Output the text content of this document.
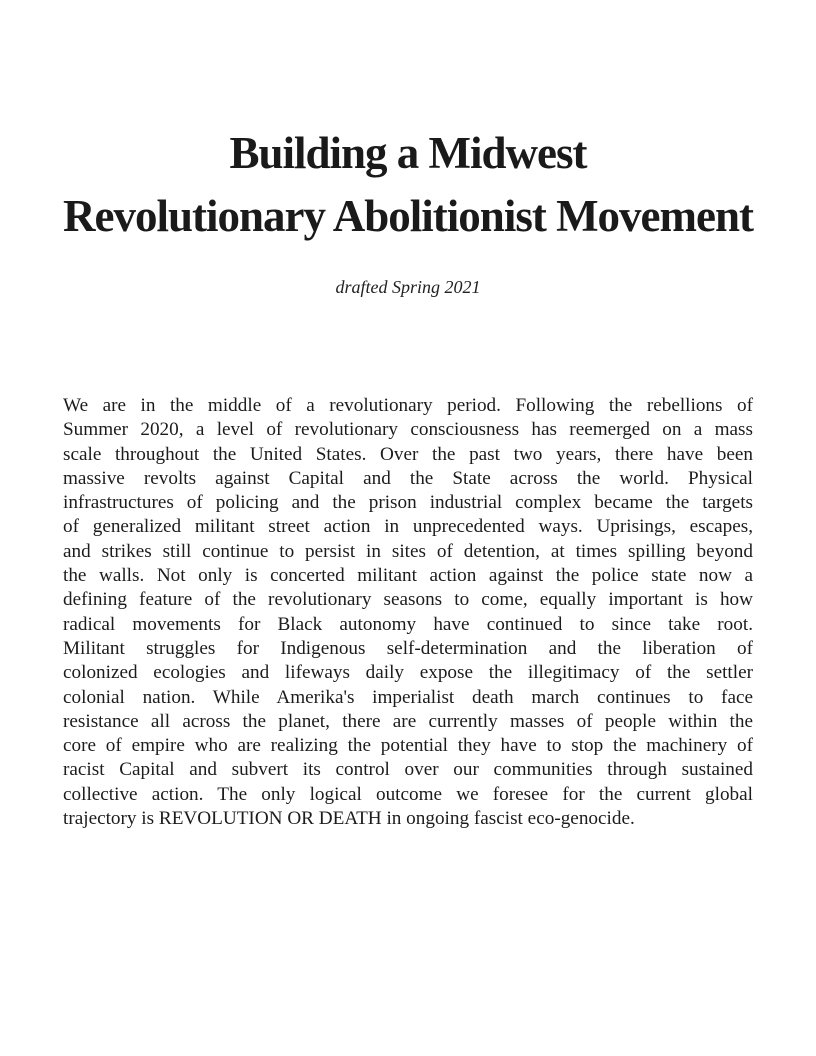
Building a Midwest
Revolutionary Abolitionist Movement
drafted Spring 2021

We are in the middle of a revolutionary period. Following the rebellions of
Summer 2020, a level of revolutionary consciousness has reemerged on a mass
scale throughout the United States. Over the past two years, there have been
massive revolts against Capital and the State across the world. Physical
infrastructures of policing and the prison industrial complex became the targets
of generalized militant street action in unprecedented ways. Uprisings, escapes,
and strikes still continue to persist in sites of detention, at times spilling beyond
the walls. Not only is concerted militant action against the police state now a
defining feature of the revolutionary seasons to come, equally important is how
radical movements for Black autonomy have continued to since take root.
Militant struggles for Indigenous self-determination and the liberation of
colonized ecologies and lifeways daily expose the illegitimacy of the settler
colonial nation. While Amerika's imperialist death march continues to face
resistance all across the planet, there are currently masses of people within the
core of empire who are realizing the potential they have to stop the machinery of
racist Capital and subvert its control over our communities through sustained
collective action. The only logical outcome we foresee for the current global
trajectory is REVOLUTION OR DEATH in ongoing fascist eco-genocide.
